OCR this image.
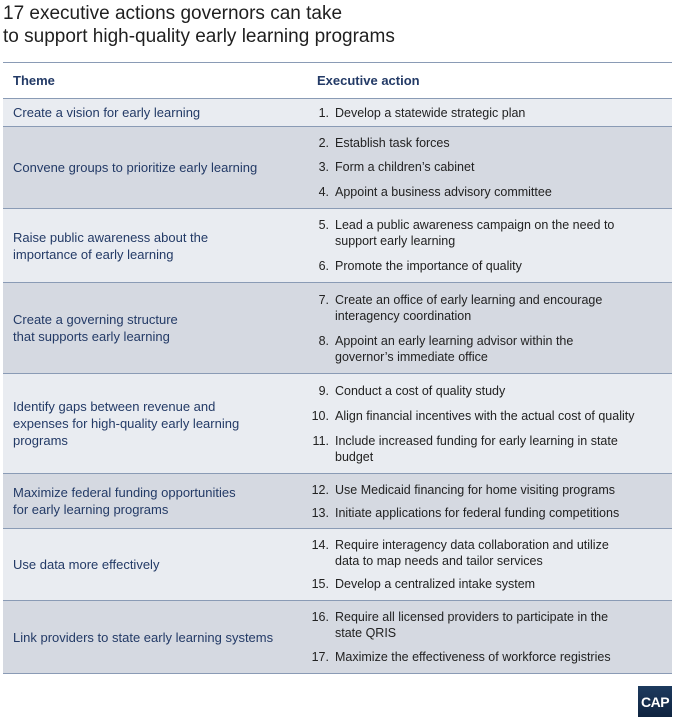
17 executive actions governors can take
to support high-quality early learning programs
Theme	Executive action
Create a vision for early learning	1. Develop a statewide strategic plan
Convene groups to prioritize early learning
2. Establish task forces
3. Form a children’s cabinet
4. Appoint a business advisory committee
Raise public awareness about the importance of early learning
5. Lead a public awareness campaign on the need to support early learning
6. Promote the importance of quality
Create a governing structure that supports early learning
7. Create an office of early learning and encourage interagency coordination
8. Appoint an early learning advisor within the governor’s immediate office
Identify gaps between revenue and expenses for high-quality early learning programs
9. Conduct a cost of quality study
10. Align financial incentives with the actual cost of quality
11. Include increased funding for early learning in state budget
Maximize federal funding opportunities for early learning programs
12. Use Medicaid financing for home visiting programs
13. Initiate applications for federal funding competitions
Use data more effectively
14. Require interagency data collaboration and utilize data to map needs and tailor services
15. Develop a centralized intake system
Link providers to state early learning systems
16. Require all licensed providers to participate in the state QRIS
17. Maximize the effectiveness of workforce registries
CAP
